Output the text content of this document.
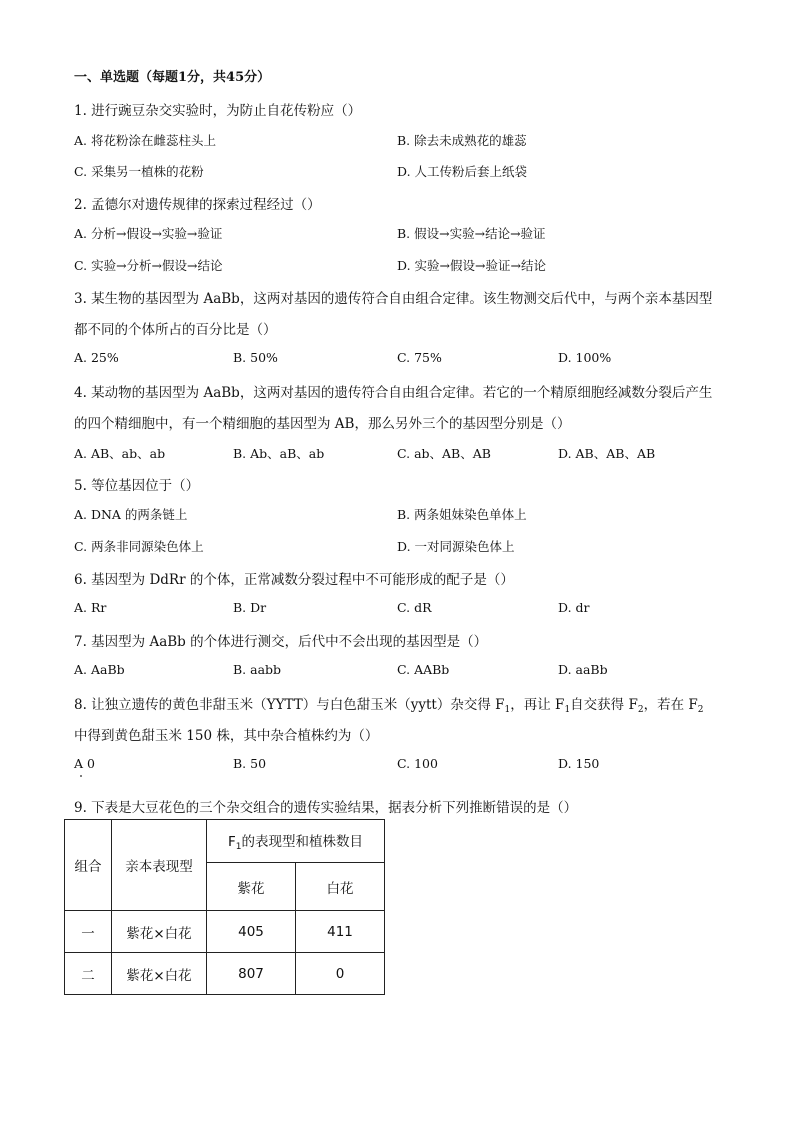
一、单选题（每题1分，共45分）
1. 进行豌豆杂交实验时，为防止自花传粉应（）
A. 将花粉涂在雌蕊柱头上	B. 除去未成熟花的雄蕊
C. 采集另一植株的花粉	D. 人工传粉后套上纸袋
2. 孟德尔对遗传规律的探索过程经过（）
A. 分析→假设→实验→验证	B. 假设→实验→结论→验证
C. 实验→分析→假设→结论	D. 实验→假设→验证→结论
3. 某生物的基因型为 AaBb，这两对基因的遗传符合自由组合定律。该生物测交后代中，与两个亲本基因型
都不同的个体所占的百分比是（）
A. 25%	B. 50%	C. 75%	D. 100%
4. 某动物的基因型为 AaBb，这两对基因的遗传符合自由组合定律。若它的一个精原细胞经减数分裂后产生
的四个精细胞中，有一个精细胞的基因型为 AB，那么另外三个的基因型分别是（）
A. AB、ab、ab	B. Ab、aB、ab	C. ab、AB、AB	D. AB、AB、AB
5. 等位基因位于（）
A. DNA 的两条链上	B. 两条姐妹染色单体上
C. 两条非同源染色体上	D. 一对同源染色体上
6. 基因型为 DdRr 的个体，正常减数分裂过程中不可能形成的配子是（）
A. Rr	B. Dr	C. dR	D. dr
7. 基因型为 AaBb 的个体进行测交，后代中不会出现的基因型是（）
A. AaBb	B. aabb	C. AABb	D. aaBb
8. 让独立遗传的黄色非甜玉米（YYTT）与白色甜玉米（yytt）杂交得 $F_1$，再让 $F_1$自交获得 $F_2$，若在 $F_2$
中得到黄色甜玉米 150 株，其中杂合植株约为（）
A 0	B. 50	C. 100	D. 150
9. 下表是大豆花色的三个杂交组合的遗传实验结果，据表分析下列推断错误的是（）
组合	亲本表现型	$F_1$的表现型和植株数目	
		紫花	白花
一	紫花×白花	405	411
二	紫花×白花	807	0
